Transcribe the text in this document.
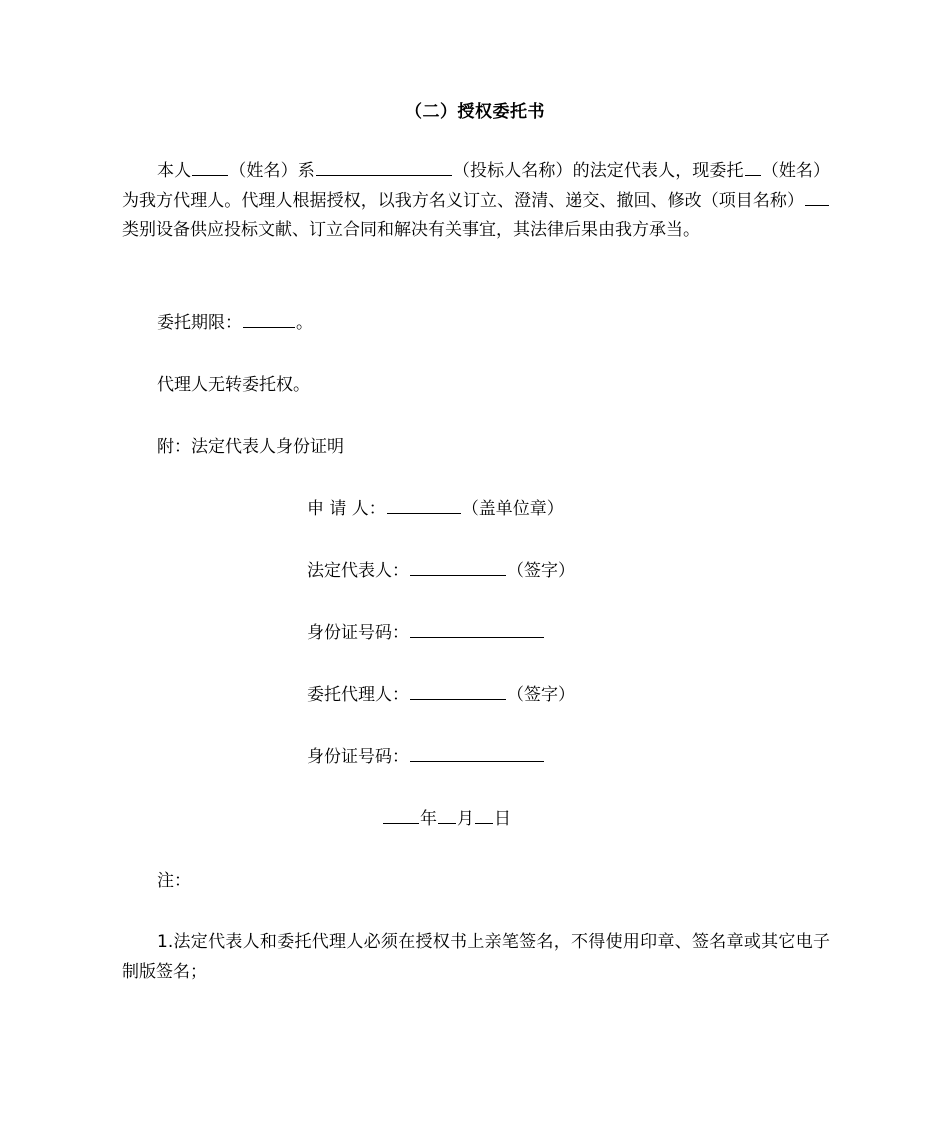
（二）授权委托书

本人 （姓名）系	（投标人名称）的法定代表人，现委托 （姓名）为我方代理人。代理人根据授权，以我方名义订立、澄清、递交、撤回、修改（项目名称）类别设备供应投标文献、订立合同和解决有关事宜，其法律后果由我方承当。

委托期限：	。

代理人无转委托权。

附：法定代表人身份证明

申 请 人：	（盖单位章）

法定代表人：	（签字）

身份证号码：

委托代理人：	（签字）

身份证号码：

年 月 日

注：

1.法定代表人和委托代理人必须在授权书上亲笔签名，不得使用印章、签名章或其它电子制版签名；
